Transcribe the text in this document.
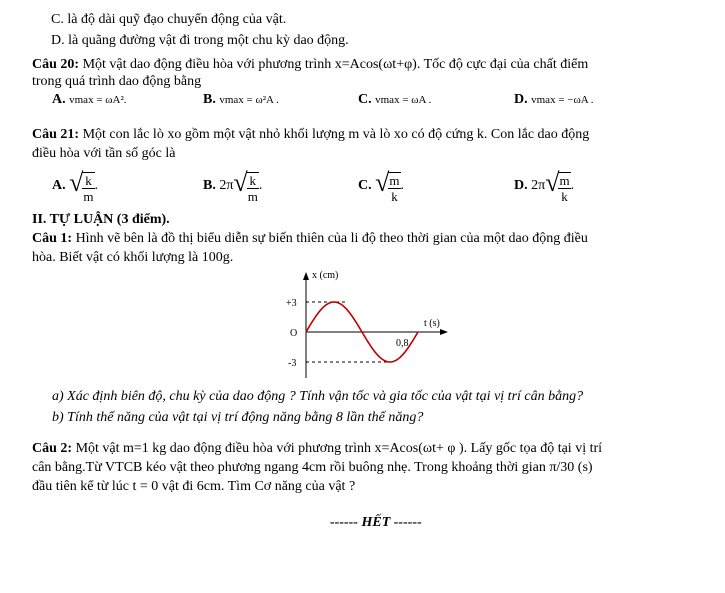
C. là độ dài quỹ đạo chuyển động của vật.
D. là quãng đường vật đi trong một chu kỳ dao động.
Câu 20: Một vật dao động điều hòa với phương trình x=Acos(ωt+φ). Tốc độ cực đại của chất điểm
trong quá trình dao động bằng
A. vmax = ωA².	B. vmax = ω²A .	C. vmax = ωA .	D. vmax = −ωA .
Câu 21: Một con lắc lò xo gồm một vật nhỏ khối lượng m và lò xo có độ cứng k. Con lắc dao động
điều hòa với tần số góc là
A. √ $\frac{k}{m}$ .	B. 2π √ $\frac{k}{m}$ .	C. √ $\frac{m}{k}$ .	D. 2π √ $\frac{m}{k}$ .
II. TỰ LUẬN (3 điểm).
Câu 1: Hình vẽ bên là đồ thị biểu diễn sự biến thiên của li độ theo thời gian của một dao động điều
hòa. Biết vật có khối lượng là 100g.
x (cm)
t (s)
+3
O
-3
0,8
a) Xác định biên độ, chu kỳ của dao động ? Tính vận tốc và gia tốc của vật tại vị trí cân bằng?
b) Tính thế năng của vật tại vị trí động năng bằng 8 lần thế năng?
Câu 2: Một vật m=1 kg dao động điều hòa với phương trình x=Acos(ωt+ φ ). Lấy gốc tọa độ tại vị trí
cân bằng.Từ VTCB kéo vật theo phương ngang 4cm rồi buông nhẹ. Trong khoảng thời gian π/30 (s)
đầu tiên kể từ lúc t = 0 vật đi 6cm. Tìm Cơ năng của vật ?
------ HẾT ------
